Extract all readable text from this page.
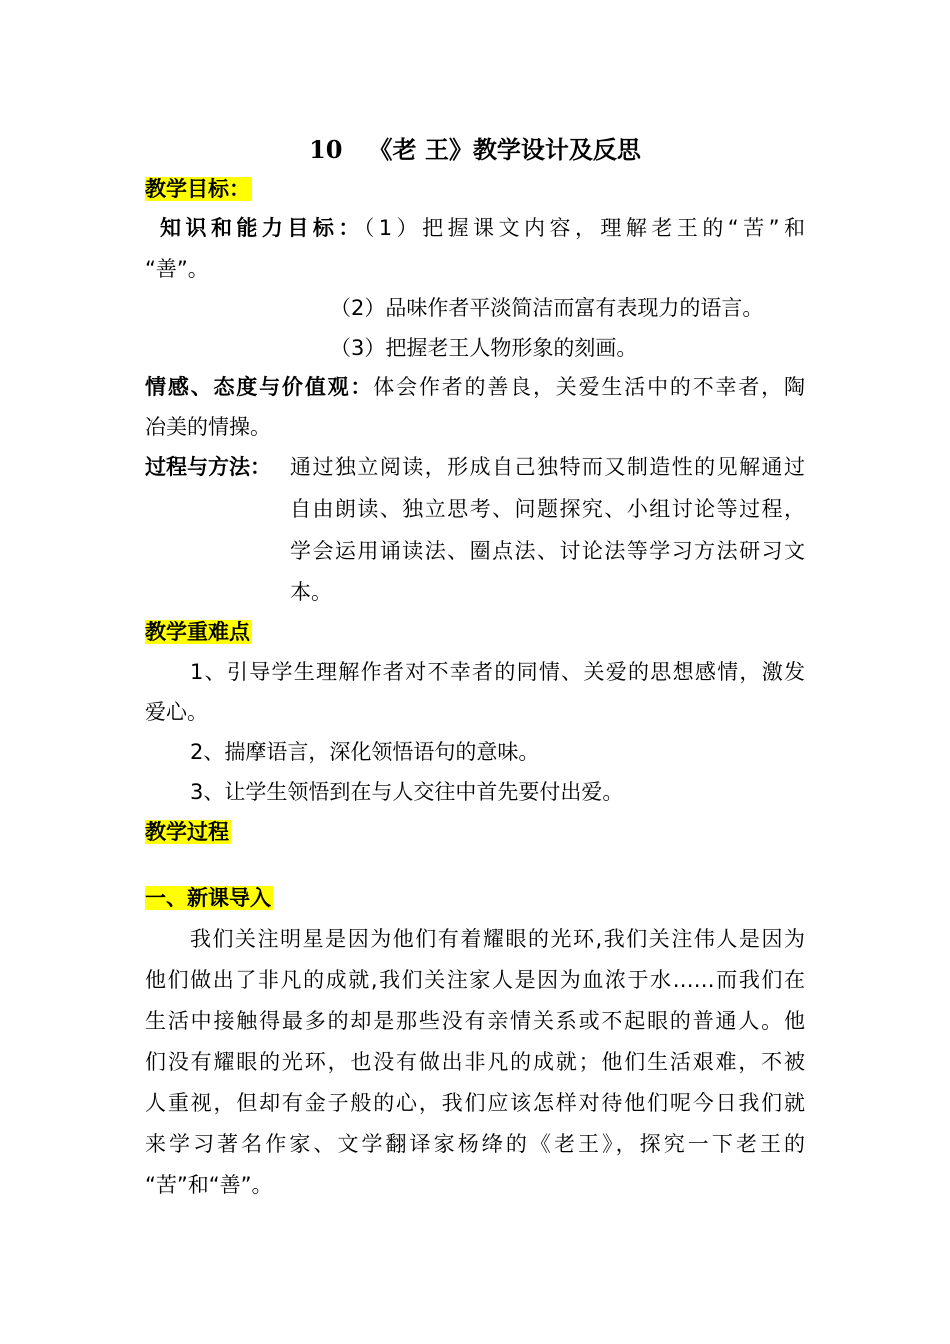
10 《老 王》教学设计及反思
教学目标：
知识和能力目标：（1）把握课文内容，理解老王的“苦”和
“善”。
（2）品味作者平淡简洁而富有表现力的语言。
（3）把握老王人物形象的刻画。
情感、态度与价值观：体会作者的善良，关爱生活中的不幸者，陶
冶美的情操。
过程与方法： 通过独立阅读，形成自己独特而又制造性的见解通过
自由朗读、独立思考、问题探究、小组讨论等过程，
学会运用诵读法、圈点法、讨论法等学习方法研习文
本。
教学重难点
1、引导学生理解作者对不幸者的同情、关爱的思想感情，激发
爱心。
2、揣摩语言，深化领悟语句的意味。
3、让学生领悟到在与人交往中首先要付出爱。
教学过程
一、新课导入
我们关注明星是因为他们有着耀眼的光环,我们关注伟人是因为
他们做出了非凡的成就,我们关注家人是因为血浓于水……而我们在
生活中接触得最多的却是那些没有亲情关系或不起眼的普通人。他
们没有耀眼的光环，也没有做出非凡的成就；他们生活艰难，不被
人重视，但却有金子般的心，我们应该怎样对待他们呢今日我们就
来学习著名作家、文学翻译家杨绛的《老王》，探究一下老王的
“苦”和“善”。
